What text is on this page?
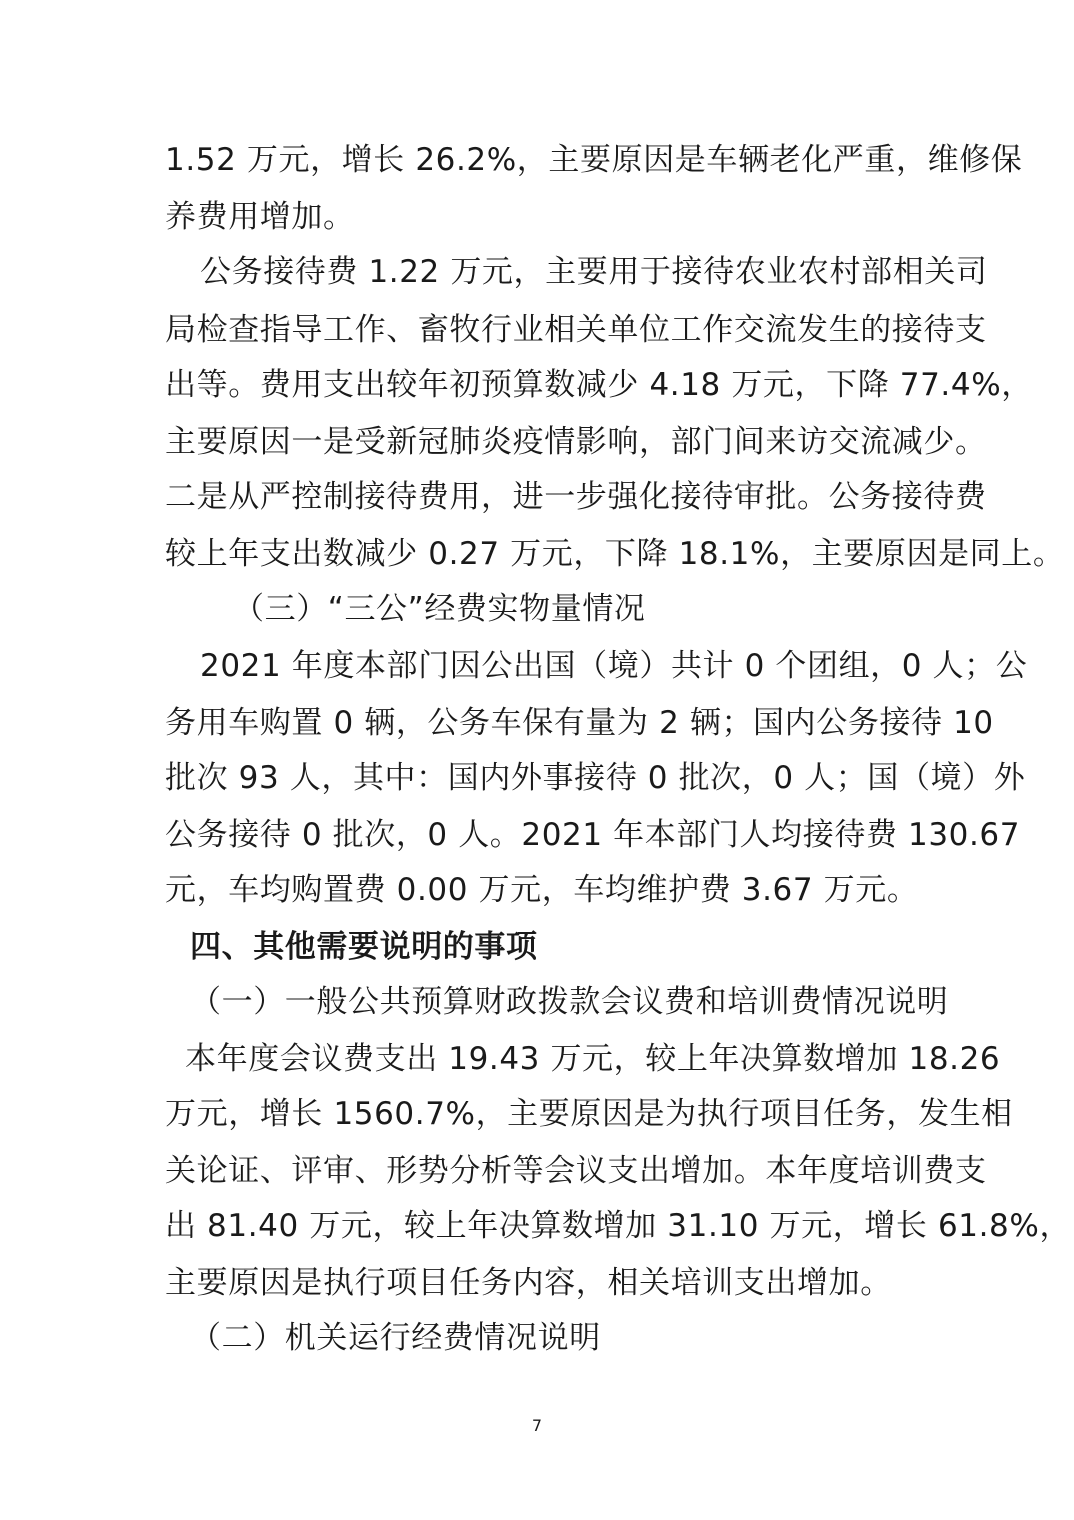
1.52 万元，增长 26.2%，主要原因是车辆老化严重，维修保
养费用增加。
公务接待费 1.22 万元，主要用于接待农业农村部相关司
局检查指导工作、畜牧行业相关单位工作交流发生的接待支
出等。费用支出较年初预算数减少 4.18 万元，下降 77.4%，
主要原因一是受新冠肺炎疫情影响，部门间来访交流减少。
二是从严控制接待费用，进一步强化接待审批。公务接待费
较上年支出数减少 0.27 万元，下降 18.1%，主要原因是同上。
（三）“三公”经费实物量情况
2021 年度本部门因公出国（境）共计 0 个团组，0 人；公
务用车购置 0 辆，公务车保有量为 2 辆；国内公务接待 10
批次 93 人，其中：国内外事接待 0 批次，0 人；国（境）外
公务接待 0 批次，0 人。2021 年本部门人均接待费 130.67
元，车均购置费 0.00 万元，车均维护费 3.67 万元。
四、其他需要说明的事项
（一）一般公共预算财政拨款会议费和培训费情况说明
本年度会议费支出 19.43 万元，较上年决算数增加 18.26
万元，增长 1560.7%，主要原因是为执行项目任务，发生相
关论证、评审、形势分析等会议支出增加。本年度培训费支
出 81.40 万元，较上年决算数增加 31.10 万元，增长 61.8%，
主要原因是执行项目任务内容，相关培训支出增加。
（二）机关运行经费情况说明
7
